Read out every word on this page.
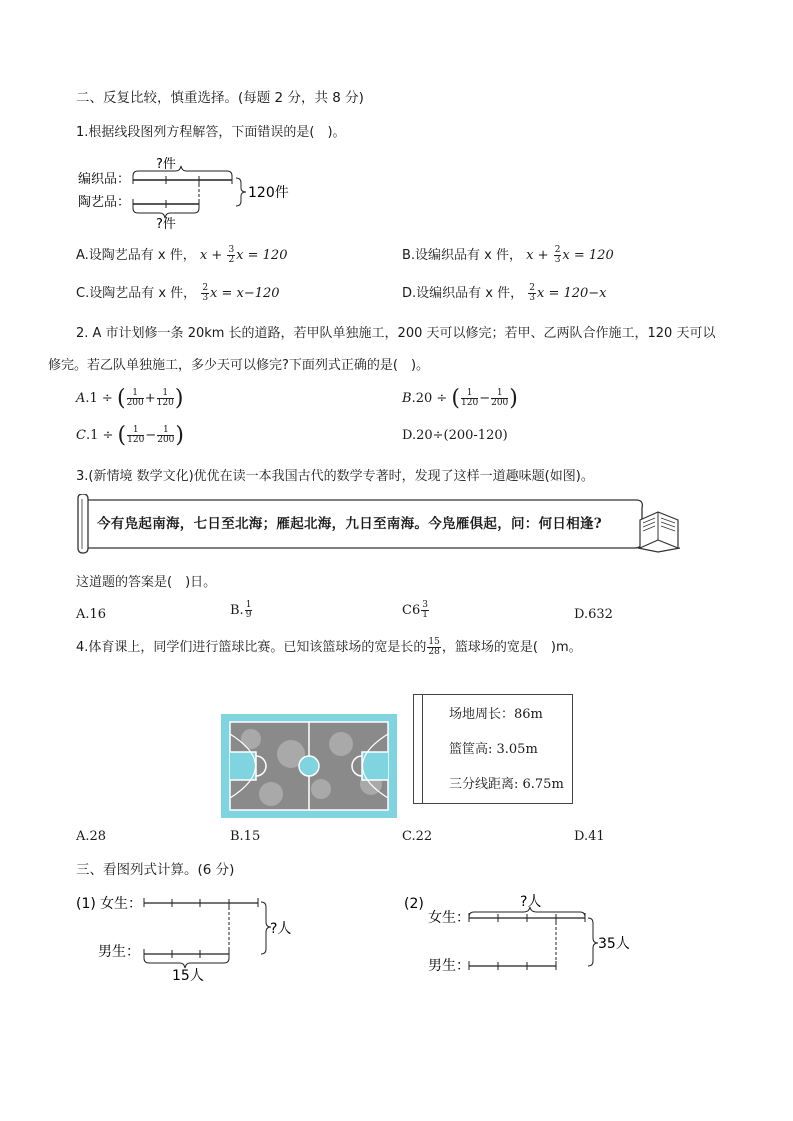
二、反复比较，慎重选择。(每题 2 分，共 8 分)
1.根据线段图列方程解答，下面错误的是(　)。
?件
编织品：
陶艺品：
?件
120件
A.设陶艺品有 x 件， $x + \frac{3}{2}$ x = 120	B.设编织品有 x 件， $x + \frac{2}{3}$ x = 120
C.设陶艺品有 x 件， $\frac{2}{3}$ x = x−120	D.设编织品有 x 件， $\frac{2}{3}$ x = 120−x
2. A 市计划修一条 20km 长的道路，若甲队单独施工，200 天可以修完；若甲、乙两队合作施工，120 天可以
修完。若乙队单独施工，多少天可以修完?下面列式正确的是(　)。
A.1 ÷ ( $\frac{1}{200} + \frac{1}{120}$ )	B.20 ÷ ( $\frac{1}{120} - \frac{1}{200}$ )
C.1 ÷ ( $\frac{1}{120} - \frac{1}{200}$ )	D.20÷(200-120)
3.(新情境 数学文化)优优在读一本我国古代的数学专著时，发现了这样一道趣味题(如图)。
今有凫起南海，七日至北海；雁起北海，九日至南海。今凫雁俱起，问：何日相逢?
这道题的答案是(　)日。
A.16	B. $\frac{1}{9}$	$C6 \frac{3}{1}$	D.632
4.体育课上，同学们进行篮球比赛。已知该篮球场的宽是长的 $\frac{15}{28}$ ，篮球场的宽是(　)m。
场地周长：86m
篮筐高: 3.05m
三分线距离: 6.75m
A.28	B.15	C.22	D.41
三、看图列式计算。(6 分)
(1) 女生：
男生：
15人
?人
(2)	?人
女生：
男生：
35人
